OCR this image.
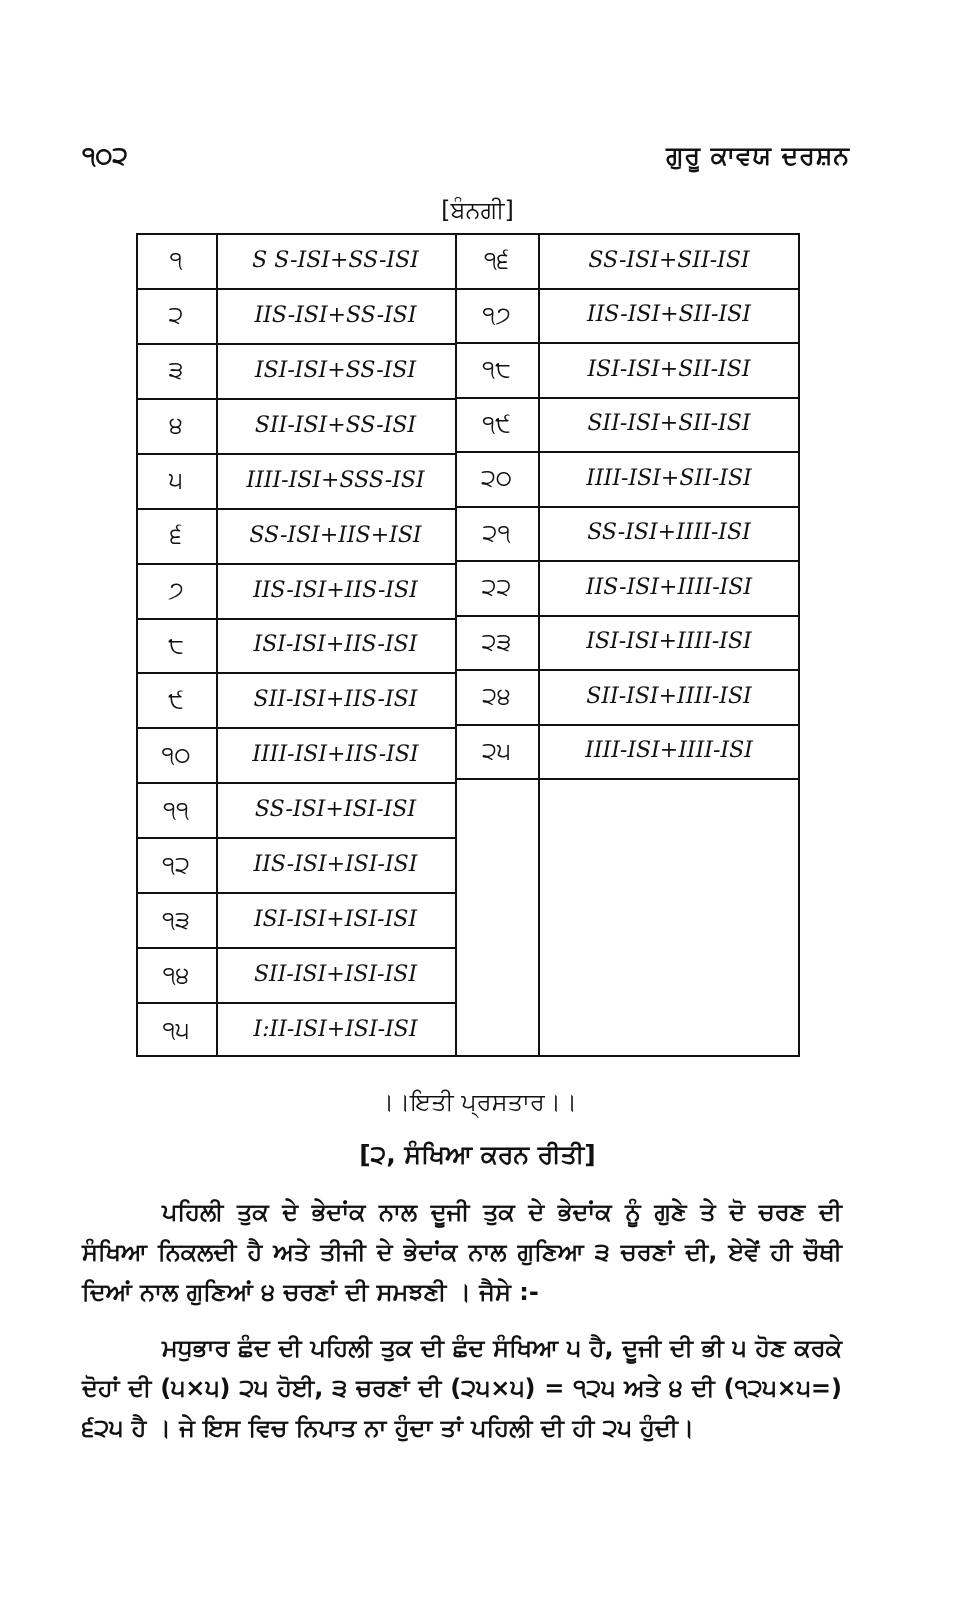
੧੦੨	ਗੁਰੂ ਕਾਵਯ ਦਰਸ਼ਨ
[ਬੰਨਗੀ]
੧	S S-ISI+SS-ISI
੨	IIS-ISI+SS-ISI
੩	ISI-ISI+SS-ISI
੪	SII-ISI+SS-ISI
੫	IIII-ISI+SSS-ISI
੬	SS-ISI+IIS+ISI
੭	IIS-ISI+IIS-ISI
੮	ISI-ISI+IIS-ISI
੯	SII-ISI+IIS-ISI
੧੦	IIII-ISI+IIS-ISI
੧੧	SS-ISI+ISI-ISI
੧੨	IIS-ISI+ISI-ISI
੧੩	ISI-ISI+ISI-ISI
੧੪	SII-ISI+ISI-ISI
੧੫	I:II-ISI+ISI-ISI
੧੬	SS-ISI+SII-ISI
੧੭	IIS-ISI+SII-ISI
੧੮	ISI-ISI+SII-ISI
੧੯	SII-ISI+SII-ISI
੨੦	IIII-ISI+SII-ISI
੨੧	SS-ISI+IIII-ISI
੨੨	IIS-ISI+IIII-ISI
੨੩	ISI-ISI+IIII-ISI
੨੪	SII-ISI+IIII-ISI
੨੫	IIII-ISI+IIII-ISI
।।ਇਤੀ ਪ੍ਰਸਤਾਰ।।
[੨, ਸੰਖਿਆ ਕਰਨ ਰੀਤੀ]
ਪਹਿਲੀ ਤੁਕ ਦੇ ਭੇਦਾਂਕ ਨਾਲ ਦੂਜੀ ਤੁਕ ਦੇ ਭੇਦਾਂਕ ਨੂੰ ਗੁਣੇ ਤੇ ਦੋ ਚਰਣ ਦੀ ਸੰਖਿਆ ਨਿਕਲਦੀ ਹੈ ਅਤੇ ਤੀਜੀ ਦੇ ਭੇਦਾਂਕ ਨਾਲ ਗੁਣਿਆ ੩ ਚਰਣਾਂ ਦੀ, ਏਵੇਂ ਹੀ ਚੌਥੀ ਦਿਆਂ ਨਾਲ ਗੁਣਿਆਂ ੪ ਚਰਣਾਂ ਦੀ ਸਮਝਣੀ । ਜੈਸੇ :-
ਮਧੁਭਾਰ ਛੰਦ ਦੀ ਪਹਿਲੀ ਤੁਕ ਦੀ ਛੰਦ ਸੰਖਿਆ ੫ ਹੈ, ਦੂਜੀ ਦੀ ਭੀ ੫ ਹੋਣ ਕਰਕੇ ਦੋਹਾਂ ਦੀ (੫×੫) ੨੫ ਹੋਈ, ੩ ਚਰਣਾਂ ਦੀ (੨੫×੫) = ੧੨੫ ਅਤੇ ੪ ਦੀ (੧੨੫×੫=) ੬੨੫ ਹੈ । ਜੇ ਇਸ ਵਿਚ ਨਿਪਾਤ ਨਾ ਹੁੰਦਾ ਤਾਂ ਪਹਿਲੀ ਦੀ ਹੀ ੨੫ ਹੁੰਦੀ।
